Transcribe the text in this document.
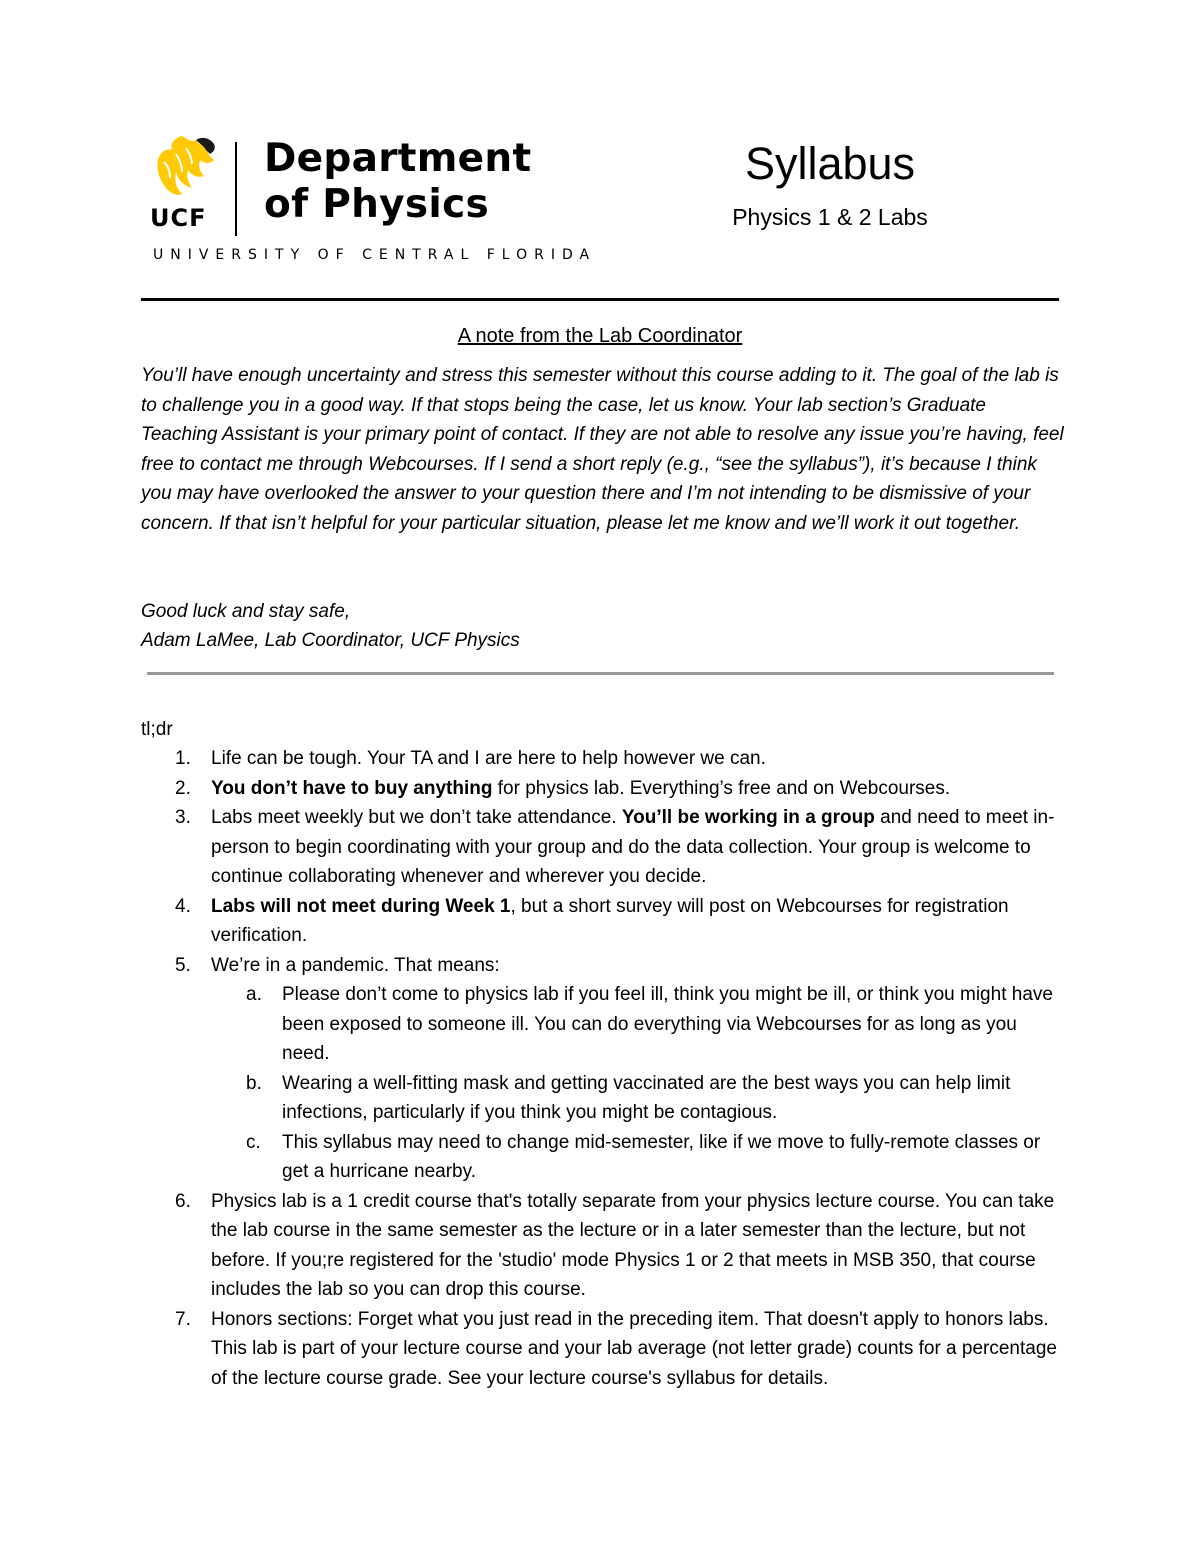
UCF
Department
of Physics
UNIVERSITY OF CENTRAL FLORIDA
Syllabus
Physics 1 & 2 Labs
A note from the Lab Coordinator

You’ll have enough uncertainty and stress this semester without this course adding to it. The goal of the lab is to challenge you in a good way. If that stops being the case, let us know. Your lab section’s Graduate Teaching Assistant is your primary point of contact. If they are not able to resolve any issue you’re having, feel free to contact me through Webcourses. If I send a short reply (e.g., “see the syllabus”), it’s because I think you may have overlooked the answer to your question there and I’m not intending to be dismissive of your concern. If that isn’t helpful for your particular situation, please let me know and we’ll work it out together.

Good luck and stay safe,
Adam LaMee, Lab Coordinator, UCF Physics
tl;dr
1. Life can be tough. Your TA and I are here to help however we can.
2. You don’t have to buy anything for physics lab. Everything’s free and on Webcourses.
3. Labs meet weekly but we don’t take attendance. You’ll be working in a group and need to meet in-person to begin coordinating with your group and do the data collection. Your group is welcome to continue collaborating whenever and wherever you decide.
4. Labs will not meet during Week 1, but a short survey will post on Webcourses for registration verification.
5. We’re in a pandemic. That means:
a. Please don’t come to physics lab if you feel ill, think you might be ill, or think you might have been exposed to someone ill. You can do everything via Webcourses for as long as you need.
b. Wearing a well-fitting mask and getting vaccinated are the best ways you can help limit infections, particularly if you think you might be contagious.
c. This syllabus may need to change mid-semester, like if we move to fully-remote classes or get a hurricane nearby.
6. Physics lab is a 1 credit course that's totally separate from your physics lecture course. You can take the lab course in the same semester as the lecture or in a later semester than the lecture, but not before. If you;re registered for the 'studio' mode Physics 1 or 2 that meets in MSB 350, that course includes the lab so you can drop this course.
7. Honors sections: Forget what you just read in the preceding item. That doesn't apply to honors labs. This lab is part of your lecture course and your lab average (not letter grade) counts for a percentage of the lecture course grade. See your lecture course's syllabus for details.
